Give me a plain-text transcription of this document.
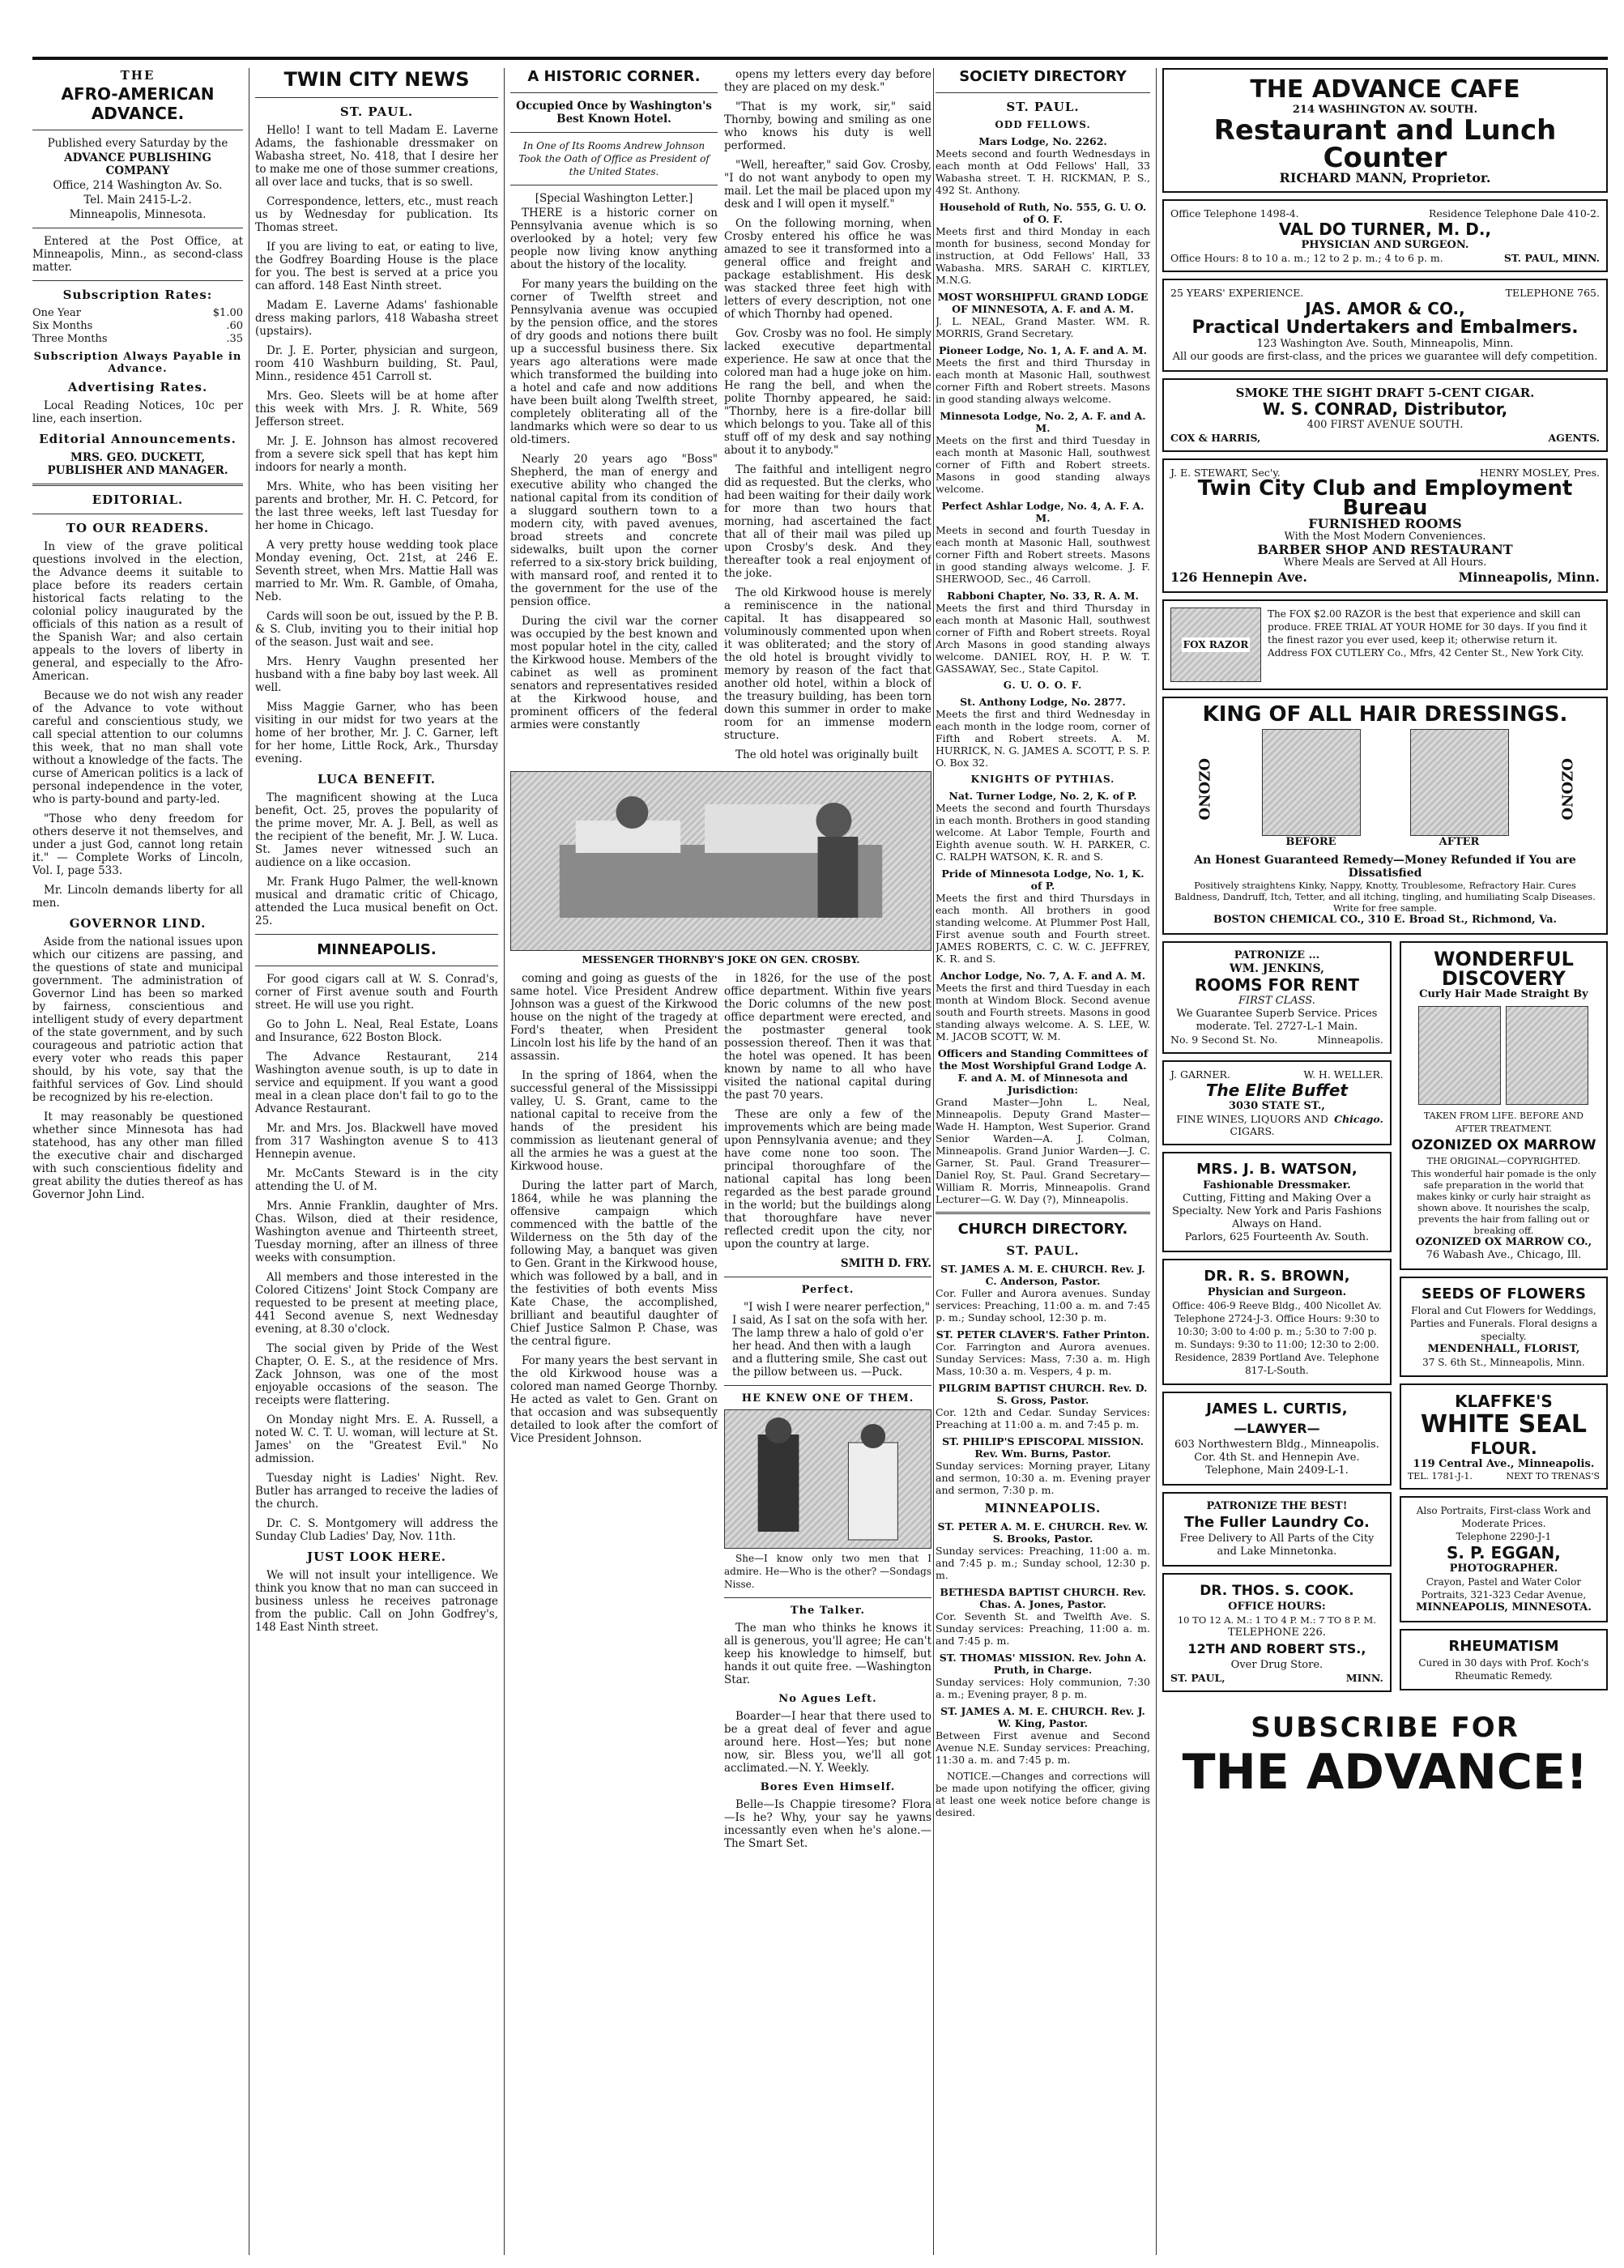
THE
AFRO-AMERICAN ADVANCE.

Published every Saturday by the

ADVANCE PUBLISHING COMPANY

Office, 214 Washington Av. So.

Tel. Main 2415-L-2.

Minneapolis, Minnesota.

Entered at the Post Office, at Minneapolis, Minn., as second-class matter.

Subscription Rates:
One Year	$1.00
Six Months	.60
Three Months	.35
Subscription Always Payable in Advance.
Advertising Rates.

Local Reading Notices, 10c per line, each insertion.

Editorial Announcements.

MRS. GEO. DUCKETT, PUBLISHER AND MANAGER.

EDITORIAL.
TO OUR READERS.

In view of the grave political questions involved in the election, the Advance deems it suitable to place before its readers certain historical facts relating to the colonial policy inaugurated by the officials of this nation as a result of the Spanish War; and also certain appeals to the lovers of liberty in general, and especially to the Afro-American.

Because we do not wish any reader of the Advance to vote without careful and conscientious study, we call special attention to our columns this week, that no man shall vote without a knowledge of the facts. The curse of American politics is a lack of personal independence in the voter, who is party-bound and party-led.

"Those who deny freedom for others deserve it not themselves, and under a just God, cannot long retain it." — Complete Works of Lincoln, Vol. I, page 533.

Mr. Lincoln demands liberty for all men.

GOVERNOR LIND.

Aside from the national issues upon which our citizens are passing, and the questions of state and municipal government. The administration of Governor Lind has been so marked by fairness, conscientious and intelligent study of every department of the state government, and by such courageous and patriotic action that every voter who reads this paper should, by his vote, say that the faithful services of Gov. Lind should be recognized by his re-election.

It may reasonably be questioned whether since Minnesota has had statehood, has any other man filled the executive chair and discharged with such conscientious fidelity and great ability the duties thereof as has Governor John Lind.

TWIN CITY NEWS
ST. PAUL.

Hello! I want to tell Madam E. Laverne Adams, the fashionable dressmaker on Wabasha street, No. 418, that I desire her to make me one of those summer creations, all over lace and tucks, that is so swell.

Correspondence, letters, etc., must reach us by Wednesday for publication. Its Thomas street.

If you are living to eat, or eating to live, the Godfrey Boarding House is the place for you. The best is served at a price you can afford. 148 East Ninth street.

Madam E. Laverne Adams' fashionable dress making parlors, 418 Wabasha street (upstairs).

Dr. J. E. Porter, physician and surgeon, room 410 Washburn building, St. Paul, Minn., residence 451 Carroll st.

Mrs. Geo. Sleets will be at home after this week with Mrs. J. R. White, 569 Jefferson street.

Mr. J. E. Johnson has almost recovered from a severe sick spell that has kept him indoors for nearly a month.

Mrs. White, who has been visiting her parents and brother, Mr. H. C. Petcord, for the last three weeks, left last Tuesday for her home in Chicago.

A very pretty house wedding took place Monday evening, Oct. 21st, at 246 E. Seventh street, when Mrs. Mattie Hall was married to Mr. Wm. R. Gamble, of Omaha, Neb.

Cards will soon be out, issued by the P. B. & S. Club, inviting you to their initial hop of the season. Just wait and see.

Mrs. Henry Vaughn presented her husband with a fine baby boy last week. All well.

Miss Maggie Garner, who has been visiting in our midst for two years at the home of her brother, Mr. J. C. Garner, left for her home, Little Rock, Ark., Thursday evening.

LUCA BENEFIT.

The magnificent showing at the Luca benefit, Oct. 25, proves the popularity of the prime mover, Mr. A. J. Bell, as well as the recipient of the benefit, Mr. J. W. Luca. St. James never witnessed such an audience on a like occasion.

Mr. Frank Hugo Palmer, the well-known musical and dramatic critic of Chicago, attended the Luca musical benefit on Oct. 25.

MINNEAPOLIS.

For good cigars call at W. S. Conrad's, corner of First avenue south and Fourth street. He will use you right.

Go to John L. Neal, Real Estate, Loans and Insurance, 622 Boston Block.

The Advance Restaurant, 214 Washington avenue south, is up to date in service and equipment. If you want a good meal in a clean place don't fail to go to the Advance Restaurant.

Mr. and Mrs. Jos. Blackwell have moved from 317 Washington avenue S to 413 Hennepin avenue.

Mr. McCants Steward is in the city attending the U. of M.

Mrs. Annie Franklin, daughter of Mrs. Chas. Wilson, died at their residence, Washington avenue and Thirteenth street, Tuesday morning, after an illness of three weeks with consumption.

All members and those interested in the Colored Citizens' Joint Stock Company are requested to be present at meeting place, 441 Second avenue S, next Wednesday evening, at 8.30 o'clock.

The social given by Pride of the West Chapter, O. E. S., at the residence of Mrs. Zack Johnson, was one of the most enjoyable occasions of the season. The receipts were flattering.

On Monday night Mrs. E. A. Russell, a noted W. C. T. U. woman, will lecture at St. James' on the "Greatest Evil." No admission.

Tuesday night is Ladies' Night. Rev. Butler has arranged to receive the ladies of the church.

Dr. C. S. Montgomery will address the Sunday Club Ladies' Day, Nov. 11th.

JUST LOOK HERE.

We will not insult your intelligence. We think you know that no man can succeed in business unless he receives patronage from the public. Call on John Godfrey's, 148 East Ninth street.

A HISTORIC CORNER.

Occupied Once by Washington's Best Known Hotel.

In One of Its Rooms Andrew Johnson Took the Oath of Office as President of the United States.

[Special Washington Letter.]

THERE is a historic corner on Pennsylvania avenue which is so overlooked by a hotel; very few people now living know anything about the history of the locality.

For many years the building on the corner of Twelfth street and Pennsylvania avenue was occupied by the pension office, and the stores of dry goods and notions there built up a successful business there. Six years ago alterations were made which transformed the building into a hotel and cafe and now additions have been built along Twelfth street, completely obliterating all of the landmarks which were so dear to us old-timers.

Nearly 20 years ago "Boss" Shepherd, the man of energy and executive ability who changed the national capital from its condition of a sluggard southern town to a modern city, with paved avenues, broad streets and concrete sidewalks, built upon the corner referred to a six-story brick building, with mansard roof, and rented it to the government for the use of the pension office.

During the civil war the corner was occupied by the best known and most popular hotel in the city, called the Kirkwood house. Members of the cabinet as well as prominent senators and representatives resided at the Kirkwood house, and prominent officers of the federal armies were constantly

opens my letters every day before they are placed on my desk."

"That is my work, sir," said Thornby, bowing and smiling as one who knows his duty is well performed.

"Well, hereafter," said Gov. Crosby, "I do not want anybody to open my mail. Let the mail be placed upon my desk and I will open it myself."

On the following morning, when Crosby entered his office he was amazed to see it transformed into a general office and freight and package establishment. His desk was stacked three feet high with letters of every description, not one of which Thornby had opened.

Gov. Crosby was no fool. He simply lacked executive departmental experience. He saw at once that the colored man had a huge joke on him. He rang the bell, and when the polite Thornby appeared, he said: "Thornby, here is a fire-dollar bill which belongs to you. Take all of this stuff off of my desk and say nothing about it to anybody."

The faithful and intelligent negro did as requested. But the clerks, who had been waiting for their daily work for more than two hours that morning, had ascertained the fact that all of their mail was piled up upon Crosby's desk. And they thereafter took a real enjoyment of the joke.

The old Kirkwood house is merely a reminiscence in the national capital. It has disappeared so voluminously commented upon when it was obliterated; and the story of the old hotel is brought vividly to memory by reason of the fact that another old hotel, within a block of the treasury building, has been torn down this summer in order to make room for an immense modern structure.

The old hotel was originally built

MESSENGER THORNBY'S JOKE ON GEN. CROSBY.

coming and going as guests of the same hotel. Vice President Andrew Johnson was a guest of the Kirkwood house on the night of the tragedy at Ford's theater, when President Lincoln lost his life by the hand of an assassin.

In the spring of 1864, when the successful general of the Mississippi valley, U. S. Grant, came to the national capital to receive from the hands of the president his commission as lieutenant general of all the armies he was a guest at the Kirkwood house.

During the latter part of March, 1864, while he was planning the offensive campaign which commenced with the battle of the Wilderness on the 5th day of the following May, a banquet was given to Gen. Grant in the Kirkwood house, which was followed by a ball, and in the festivities of both events Miss Kate Chase, the accomplished, brilliant and beautiful daughter of Chief Justice Salmon P. Chase, was the central figure.

For many years the best servant in the old Kirkwood house was a colored man named George Thornby. He acted as valet to Gen. Grant on that occasion and was subsequently detailed to look after the comfort of Vice President Johnson.

in 1826, for the use of the post office department. Within five years the Doric columns of the new post office department were erected, and the postmaster general took possession thereof. Then it was that the hotel was opened. It has been known by name to all who have visited the national capital during the past 70 years.

These are only a few of the improvements which are being made upon Pennsylvania avenue; and they have come none too soon. The principal thoroughfare of the national capital has long been regarded as the best parade ground in the world; but the buildings along that thoroughfare have never reflected credit upon the city, nor upon the country at large.

SMITH D. FRY.

Perfect.

"I wish I were nearer perfection," I said, As I sat on the sofa with her. The lamp threw a halo of gold o'er her head. And then with a laugh and a fluttering smile, She cast out the pillow between us. —Puck.

HE KNEW ONE OF THEM.

She—I know only two men that I admire. He—Who is the other? —Sondags Nisse.

The Talker.

The man who thinks he knows it all is generous, you'll agree; He can't keep his knowledge to himself, but hands it out quite free. —Washington Star.

No Agues Left.

Boarder—I hear that there used to be a great deal of fever and ague around here. Host—Yes; but none now, sir. Bless you, we'll all got acclimated.—N. Y. Weekly.

Bores Even Himself.

Belle—Is Chappie tiresome? Flora—Is he? Why, your say he yawns incessantly even when he's alone.—The Smart Set.

SOCIETY DIRECTORY
ST. PAUL.
ODD FELLOWS.
Mars Lodge, No. 2262.
Meets second and fourth Wednesdays in each month at Odd Fellows' Hall, 33 Wabasha street. T. H. RICKMAN, P. S., 492 St. Anthony.
Household of Ruth, No. 555, G. U. O. of O. F.
Meets first and third Monday in each month for business, second Monday for instruction, at Odd Fellows' Hall, 33 Wabasha. MRS. SARAH C. KIRTLEY, M.N.G.
MOST WORSHIPFUL GRAND LODGE OF MINNESOTA, A. F. and A. M.
J. L. NEAL, Grand Master. WM. R. MORRIS, Grand Secretary.
Pioneer Lodge, No. 1, A. F. and A. M.
Meets the first and third Thursday in each month at Masonic Hall, southwest corner Fifth and Robert streets. Masons in good standing always welcome.
Minnesota Lodge, No. 2, A. F. and A. M.
Meets on the first and third Tuesday in each month at Masonic Hall, southwest corner of Fifth and Robert streets. Masons in good standing always welcome.
Perfect Ashlar Lodge, No. 4, A. F. A. M.
Meets in second and fourth Tuesday in each month at Masonic Hall, southwest corner Fifth and Robert streets. Masons in good standing always welcome. J. F. SHERWOOD, Sec., 46 Carroll.
Rabboni Chapter, No. 33, R. A. M.
Meets the first and third Thursday in each month at Masonic Hall, southwest corner of Fifth and Robert streets. Royal Arch Masons in good standing always welcome. DANIEL ROY, H. P. W. T. GASSAWAY, Sec., State Capitol.
G. U. O. O. F.
St. Anthony Lodge, No. 2877.
Meets the first and third Wednesday in each month in the lodge room, corner of Fifth and Robert streets. A. M. HURRICK, N. G. JAMES A. SCOTT, P. S. P. O. Box 32.
KNIGHTS OF PYTHIAS.
Nat. Turner Lodge, No. 2, K. of P.
Meets the second and fourth Thursdays in each month. Brothers in good standing welcome. At Labor Temple, Fourth and Eighth avenue south. W. H. PARKER, C. C. RALPH WATSON, K. R. and S.
Pride of Minnesota Lodge, No. 1, K. of P.
Meets the first and third Thursdays in each month. All brothers in good standing welcome. At Plummer Post Hall, First avenue south and Fourth street. JAMES ROBERTS, C. C. W. C. JEFFREY, K. R. and S.
Anchor Lodge, No. 7, A. F. and A. M.
Meets the first and third Tuesday in each month at Windom Block. Second avenue south and Fourth streets. Masons in good standing always welcome. A. S. LEE, W. M. JACOB SCOTT, W. M.
Officers and Standing Committees of the Most Worshipful Grand Lodge A. F. and A. M. of Minnesota and Jurisdiction:
Grand Master—John L. Neal, Minneapolis. Deputy Grand Master—Wade H. Hampton, West Superior. Grand Senior Warden—A. J. Colman, Minneapolis. Grand Junior Warden—J. C. Garner, St. Paul. Grand Treasurer—Daniel Roy, St. Paul. Grand Secretary—William R. Morris, Minneapolis. Grand Lecturer—G. W. Day (?), Minneapolis.
CHURCH DIRECTORY.
ST. PAUL.
ST. JAMES A. M. E. CHURCH. Rev. J. C. Anderson, Pastor.
Cor. Fuller and Aurora avenues. Sunday services: Preaching, 11:00 a. m. and 7:45 p. m.; Sunday school, 12:30 p. m.
ST. PETER CLAVER'S. Father Printon.
Cor. Farrington and Aurora avenues. Sunday Services: Mass, 7:30 a. m. High Mass, 10:30 a. m. Vespers, 4 p. m.
PILGRIM BAPTIST CHURCH. Rev. D. S. Gross, Pastor.
Cor. 12th and Cedar. Sunday Services: Preaching at 11:00 a. m. and 7:45 p. m.
ST. PHILIP'S EPISCOPAL MISSION. Rev. Wm. Burns, Pastor.
Sunday services: Morning prayer, Litany and sermon, 10:30 a. m. Evening prayer and sermon, 7:30 p. m.
MINNEAPOLIS.
ST. PETER A. M. E. CHURCH. Rev. W. S. Brooks, Pastor.
Sunday services: Preaching, 11:00 a. m. and 7:45 p. m.; Sunday school, 12:30 p. m.
BETHESDA BAPTIST CHURCH. Rev. Chas. A. Jones, Pastor.
Cor. Seventh St. and Twelfth Ave. S. Sunday services: Preaching, 11:00 a. m. and 7:45 p. m.
ST. THOMAS' MISSION. Rev. John A. Pruth, in Charge.
Sunday services: Holy communion, 7:30 a. m.; Evening prayer, 8 p. m.
ST. JAMES A. M. E. CHURCH. Rev. J. W. King, Pastor.
Between First avenue and Second Avenue N.E. Sunday services: Preaching, 11:30 a. m. and 7:45 p. m.

NOTICE.—Changes and corrections will be made upon notifying the officer, giving at least one week notice before change is desired.

THE ADVANCE CAFE
214 WASHINGTON AV. SOUTH.
Restaurant and Lunch Counter
RICHARD MANN, Proprietor.
Office Telephone 1498-4.	Residence Telephone Dale 410-2.
VAL DO TURNER, M. D.,
PHYSICIAN AND SURGEON.
Office Hours: 8 to 10 a. m.; 12 to 2 p. m.; 4 to 6 p. m.	ST. PAUL, MINN.
25 YEARS' EXPERIENCE.	TELEPHONE 765.
JAS. AMOR & CO.,
Practical Undertakers and Embalmers.
123 Washington Ave. South, Minneapolis, Minn.
All our goods are first-class, and the prices we guarantee will defy competition.
SMOKE THE SIGHT DRAFT 5-CENT CIGAR.
W. S. CONRAD, Distributor,
400 FIRST AVENUE SOUTH.
COX & HARRIS,	AGENTS.
J. E. STEWART, Sec'y.	HENRY MOSLEY, Pres.
Twin City Club and Employment Bureau
FURNISHED ROOMS
With the Most Modern Conveniences.
BARBER SHOP AND RESTAURANT
Where Meals are Served at All Hours.
126 Hennepin Ave.	Minneapolis, Minn.
FOX RAZOR
The FOX $2.00 RAZOR is the best that experience and skill can produce. FREE TRIAL AT YOUR HOME for 30 days. If you find it the finest razor you ever used, keep it; otherwise return it. Address FOX CUTLERY Co., Mfrs, 42 Center St., New York City.
KING OF ALL HAIR DRESSINGS.
OZONO
BEFORE	AFTER
OZONO
An Honest Guaranteed Remedy—Money Refunded if You are Dissatisfied
Positively straightens Kinky, Nappy, Knotty, Troublesome, Refractory Hair. Cures Baldness, Dandruff, Itch, Tetter, and all itching, tingling, and humiliating Scalp Diseases. Write for free sample.
BOSTON CHEMICAL CO., 310 E. Broad St., Richmond, Va.
PATRONIZE ...
WM. JENKINS,
ROOMS FOR RENT
FIRST CLASS.
We Guarantee Superb Service. Prices moderate. Tel. 2727-L-1 Main.
No. 9 Second St. No.	Minneapolis.
J. GARNER.	W. H. WELLER.
The Elite Buffet
3030 STATE ST.,
FINE WINES, LIQUORS AND CIGARS.
Chicago.
MRS. J. B. WATSON,
Fashionable Dressmaker.
Cutting, Fitting and Making Over a Specialty. New York and Paris Fashions Always on Hand.
Parlors, 625 Fourteenth Av. South.
DR. R. S. BROWN,
Physician and Surgeon.
Office: 406-9 Reeve Bldg., 400 Nicollet Av. Telephone 2724-J-3. Office Hours: 9:30 to 10:30; 3:00 to 4:00 p. m.; 5:30 to 7:00 p. m. Sundays: 9:30 to 11:00; 12:30 to 2:00.
Residence, 2839 Portland Ave. Telephone 817-L-South.
JAMES L. CURTIS,
—LAWYER—
603 Northwestern Bldg., Minneapolis.
Cor. 4th St. and Hennepin Ave.
Telephone, Main 2409-L-1.
PATRONIZE THE BEST!
The Fuller Laundry Co.
Free Delivery to All Parts of the City and Lake Minnetonka.
DR. THOS. S. COOK.
OFFICE HOURS:
10 TO 12 A. M.: 1 TO 4 P. M.: 7 TO 8 P. M.
TELEPHONE 226.
12TH AND ROBERT STS.,
Over Drug Store.
ST. PAUL,	MINN.
WONDERFUL DISCOVERY
Curly Hair Made Straight By
TAKEN FROM LIFE. BEFORE AND AFTER TREATMENT.
OZONIZED OX MARROW
THE ORIGINAL—COPYRIGHTED.
This wonderful hair pomade is the only safe preparation in the world that makes kinky or curly hair straight as shown above. It nourishes the scalp, prevents the hair from falling out or breaking off.
OZONIZED OX MARROW CO.,
76 Wabash Ave., Chicago, Ill.
SEEDS OF FLOWERS
Floral and Cut Flowers for Weddings, Parties and Funerals. Floral designs a specialty.
MENDENHALL, FLORIST,
37 S. 6th St., Minneapolis, Minn.
KLAFFKE'S
WHITE SEAL
FLOUR.
119 Central Ave., Minneapolis.
TEL. 1781-J-1.	NEXT TO TRENAS'S
Also Portraits, First-class Work and Moderate Prices.
Telephone 2290-J-1
S. P. EGGAN,
PHOTOGRAPHER.
Crayon, Pastel and Water Color Portraits, 321-323 Cedar Avenue,
MINNEAPOLIS, MINNESOTA.
RHEUMATISM
Cured in 30 days with Prof. Koch's Rheumatic Remedy.
SUBSCRIBE FOR
THE ADVANCE!
